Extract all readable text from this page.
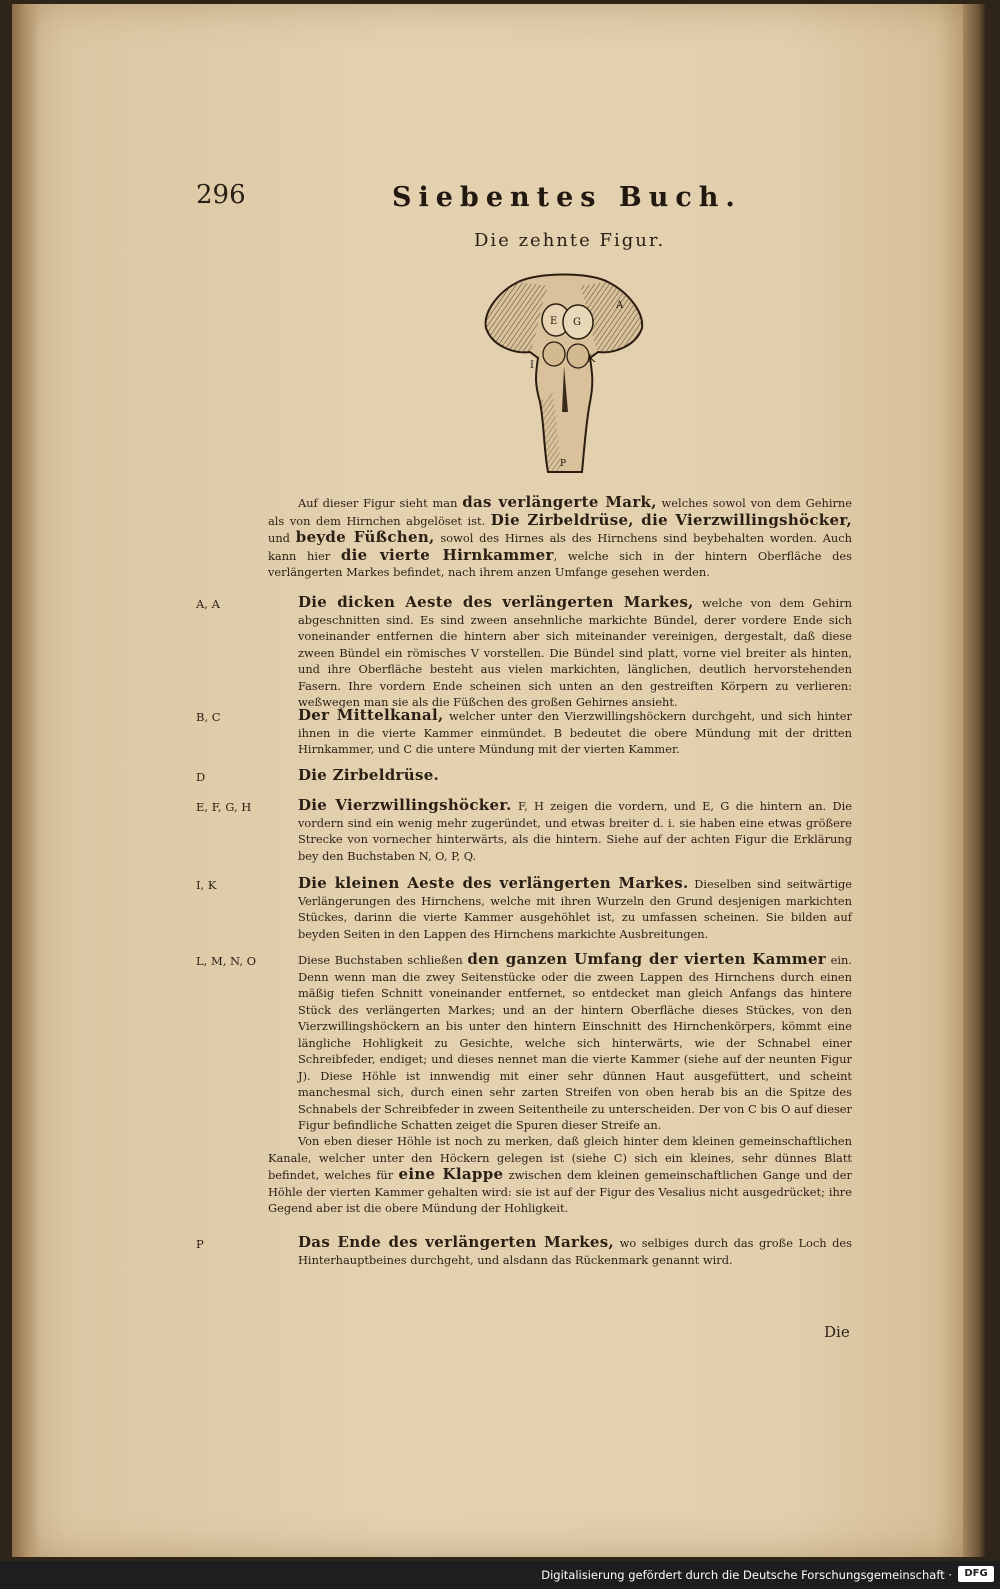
296	Siebentes Buch.
Die zehnte Figur.
A
E G
I
K
P
Auf dieser Figur sieht man das verlängerte Mark, welches sowol von dem Gehirne als von dem Hirnchen abgelöset ist. Die Zirbeldrüse, die Vierzwillingshöcker, und beyde Füßchen, sowol des Hirnes als des Hirnchens sind beybehalten worden. Auch kann hier die vierte Hirnkammer, welche sich in der hintern Oberfläche des verlängerten Markes befindet, nach ihrem anzen Umfange gesehen werden.
A, A	Die dicken Aeste des verlängerten Markes, welche von dem Gehirn abgeschnitten sind. Es sind zween ansehnliche markichte Bündel, derer vordere Ende sich voneinander entfernen die hintern aber sich miteinander vereinigen, dergestalt, daß diese zween Bündel ein römisches V vorstellen. Die Bündel sind platt, vorne viel breiter als hinten, und ihre Oberfläche besteht aus vielen markichten, länglichen, deutlich hervorstehenden Fasern. Ihre vordern Ende scheinen sich unten an den gestreiften Körpern zu verlieren: weßwegen man sie als die Füßchen des großen Gehirnes ansieht.
B, C	Der Mittelkanal, welcher unter den Vierzwillingshöckern durchgeht, und sich hinter ihnen in die vierte Kammer einmündet. B bedeutet die obere Mündung mit der dritten Hirnkammer, und C die untere Mündung mit der vierten Kammer.
D	Die Zirbeldrüse.
E, F, G, H	Die Vierzwillingshöcker. F, H zeigen die vordern, und E, G die hintern an. Die vordern sind ein wenig mehr zugeründet, und etwas breiter d. i. sie haben eine etwas größere Strecke von vornecher hinterwärts, als die hintern. Siehe auf der achten Figur die Erklärung bey den Buchstaben N, O, P, Q.
I, K	Die kleinen Aeste des verlängerten Markes. Dieselben sind seitwärtige Verlängerungen des Hirnchens, welche mit ihren Wurzeln den Grund desjenigen markichten Stückes, darinn die vierte Kammer ausgehöhlet ist, zu umfassen scheinen. Sie bilden auf beyden Seiten in den Lappen des Hirnchens markichte Ausbreitungen.
L, M, N, O	Diese Buchstaben schließen den ganzen Umfang der vierten Kammer ein. Denn wenn man die zwey Seitenstücke oder die zween Lappen des Hirnchens durch einen mäßig tiefen Schnitt voneinander entfernet, so entdecket man gleich Anfangs das hintere Stück des verlängerten Markes; und an der hintern Oberfläche dieses Stückes, von den Vierzwillingshöckern an bis unter den hintern Einschnitt des Hirnchenkörpers, kömmt eine längliche Hohligkeit zu Gesichte, welche sich hinterwärts, wie der Schnabel einer Schreibfeder, endiget; und dieses nennet man die vierte Kammer (siehe auf der neunten Figur J). Diese Höhle ist innwendig mit einer sehr dünnen Haut ausgefüttert, und scheint manchesmal sich, durch einen sehr zarten Streifen von oben herab bis an die Spitze des Schnabels der Schreibfeder in zween Seitentheile zu unterscheiden. Der von C bis O auf dieser Figur befindliche Schatten zeiget die Spuren dieser Streife an.
Von eben dieser Höhle ist noch zu merken, daß gleich hinter dem kleinen gemeinschaftlichen Kanale, welcher unter den Höckern gelegen ist (siehe C) sich ein kleines, sehr dünnes Blatt befindet, welches für eine Klappe zwischen dem kleinen gemeinschaftlichen Gange und der Höhle der vierten Kammer gehalten wird: sie ist auf der Figur des Vesalius nicht ausgedrücket; ihre Gegend aber ist die obere Mündung der Hohligkeit.
P	Das Ende des verlängerten Markes, wo selbiges durch das große Loch des Hinterhauptbeines durchgeht, und alsdann das Rückenmark genannt wird.
Die
Digitalisierung gefördert durch die Deutsche Forschungsgemeinschaft ·	DFG
